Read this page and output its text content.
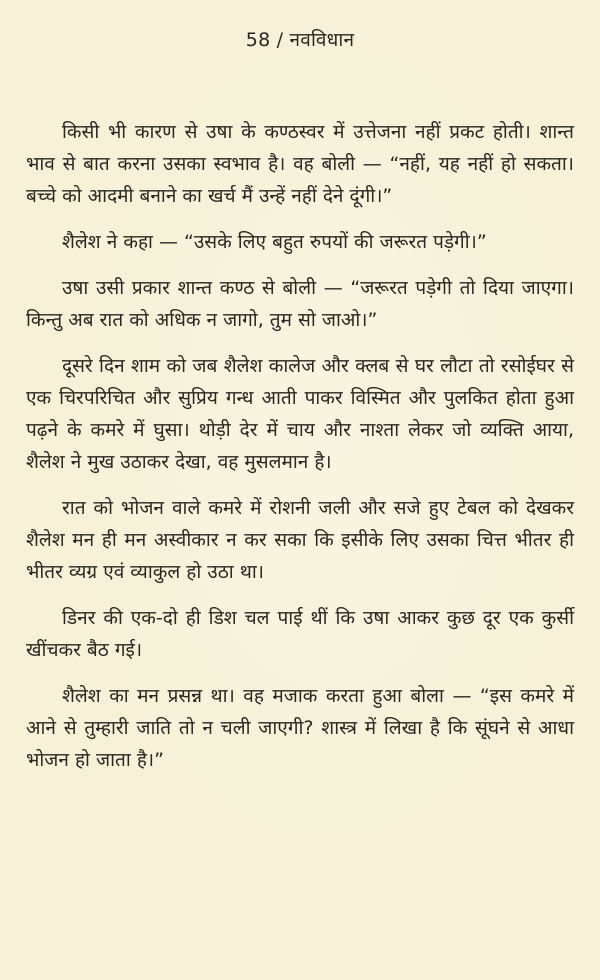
58 / नवविधान

किसी भी कारण से उषा के कण्ठस्वर में उत्तेजना नहीं प्रकट होती। शान्त भाव से बात करना उसका स्वभाव है। वह बोली — “नहीं, यह नहीं हो सकता। बच्चे को आदमी बनाने का खर्च मैं उन्हें नहीं देने दूंगी।”

शैलेश ने कहा — “उसके लिए बहुत रुपयों की जरूरत पड़ेगी।”

उषा उसी प्रकार शान्त कण्ठ से बोली — “जरूरत पड़ेगी तो दिया जाएगा। किन्तु अब रात को अधिक न जागो, तुम सो जाओ।”

दूसरे दिन शाम को जब शैलेश कालेज और क्लब से घर लौटा तो रसोईघर से एक चिरपरिचित और सुप्रिय गन्ध आती पाकर विस्मित और पुलकित होता हुआ पढ़ने के कमरे में घुसा। थोड़ी देर में चाय और नाश्ता लेकर जो व्यक्ति आया, शैलेश ने मुख उठाकर देखा, वह मुसलमान है।

रात को भोजन वाले कमरे में रोशनी जली और सजे हुए टेबल को देखकर शैलेश मन ही मन अस्वीकार न कर सका कि इसीके लिए उसका चित्त भीतर ही भीतर व्यग्र एवं व्याकुल हो उठा था।

डिनर की एक-दो ही डिश चल पाई थीं कि उषा आकर कुछ दूर एक कुर्सी खींचकर बैठ गई।

शैलेश का मन प्रसन्न था। वह मजाक करता हुआ बोला — “इस कमरे में आने से तुम्हारी जाति तो न चली जाएगी? शास्त्र में लिखा है कि सूंघने से आधा भोजन हो जाता है।”
